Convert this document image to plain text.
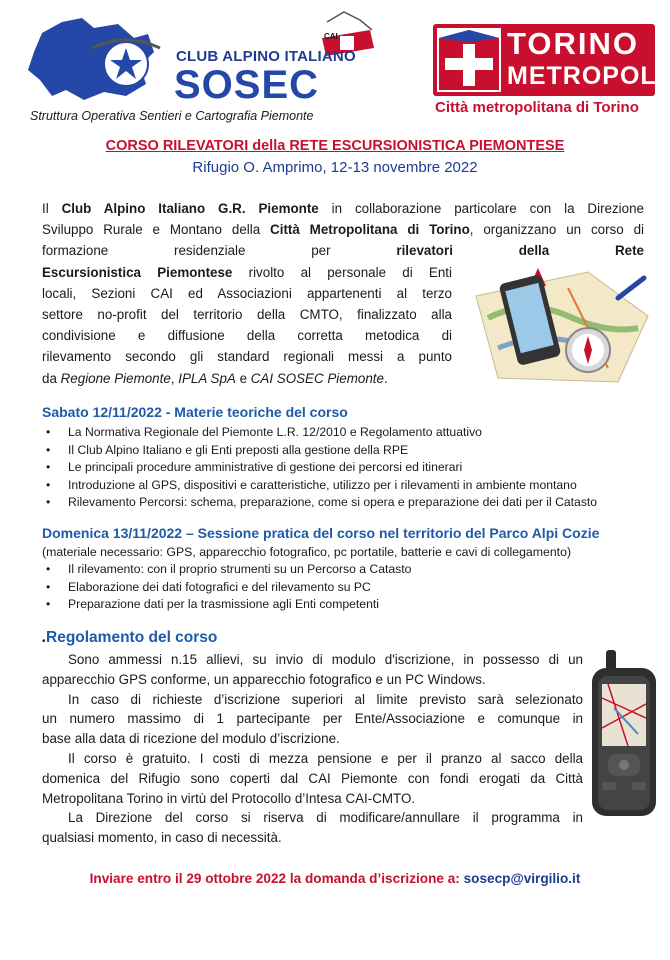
CLUB ALPINO ITALIANO
CAI
SOSEC
Struttura Operativa Sentieri e Cartografia Piemonte
TORINO
METROPOLI
Città metropolitana di Torino
CORSO RILEVATORI della RETE ESCURSIONISTICA PIEMONTESE
Rifugio O. Amprimo, 12-13 novembre 2022
Il Club Alpino Italiano G.R. Piemonte in collaborazione particolare con la Direzione
Sviluppo Rurale e Montano della Città Metropolitana di Torino, organizzano un corso di
formazione residenziale per rilevatori della Rete
Escursionistica Piemontese rivolto al personale di Enti
locali, Sezioni CAI ed Associazioni appartenenti al terzo
settore no-profit del territorio della CMTO, finalizzato alla
condivisione e diffusione della corretta metodica di
rilevamento secondo gli standard regionali messi a punto
da Regione Piemonte, IPLA SpA e CAI SOSEC Piemonte.
Sabato 12/11/2022 - Materie teoriche del corso
• La Normativa Regionale del Piemonte L.R. 12/2010 e Regolamento attuativo
• Il Club Alpino Italiano e gli Enti preposti alla gestione della RPE
• Le principali procedure amministrative di gestione dei percorsi ed itinerari
• Introduzione al GPS, dispositivi e caratteristiche, utilizzo per i rilevamenti in ambiente montano
• Rilevamento Percorsi: schema, preparazione, come si opera e preparazione dei dati per il Catasto
Domenica 13/11/2022 – Sessione pratica del corso nel territorio del Parco Alpi Cozie
(materiale necessario: GPS, apparecchio fotografico, pc portatile, batterie e cavi di collegamento)
• Il rilevamento: con il proprio strumenti su un Percorso a Catasto
• Elaborazione dei dati fotografici e del rilevamento su PC
• Preparazione dati per la trasmissione agli Enti competenti
• Regolamento del corso
Sono ammessi n.15 allievi, su invio di modulo d'iscrizione, in possesso di un
apparecchio GPS conforme, un apparecchio fotografico e un PC Windows.
In caso di richieste d’iscrizione superiori al limite previsto sarà selezionato
un numero massimo di 1 partecipante per Ente/Associazione e comunque in
base alla data di ricezione del modulo d’iscrizione.
Il corso è gratuito. I costi di mezza pensione e per il pranzo al sacco della
domenica del Rifugio sono coperti dal CAI Piemonte con fondi erogati da Città
Metropolitana Torino in virtù del Protocollo d’Intesa CAI-CMTO.
La Direzione del corso si riserva di modificare/annullare il programma in
qualsiasi momento, in caso di necessità.
Inviare entro il 29 ottobre 2022 la domanda d’iscrizione a: sosecp@virgilio.it
